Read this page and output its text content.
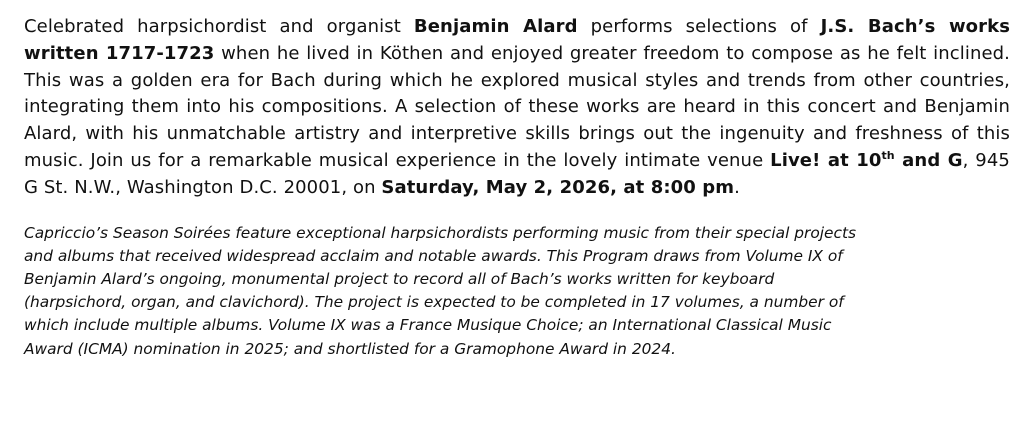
Celebrated harpsichordist and organist Benjamin Alard performs selections of J.S. Bach’s works written 1717-1723 when he lived in Köthen and enjoyed greater freedom to compose as he felt inclined. This was a golden era for Bach during which he explored musical styles and trends from other countries, integrating them into his compositions. A selection of these works are heard in this concert and Benjamin Alard, with his unmatchable artistry and interpretive skills brings out the ingenuity and freshness of this music. Join us for a remarkable musical experience in the lovely intimate venue Live! at 10th and G, 945 G St. N.W., Washington D.C. 20001, on Saturday, May 2, 2026, at 8:00 pm.

Capriccio’s Season Soirées feature exceptional harpsichordists performing music from their special projects
and albums that received widespread acclaim and notable awards. This Program draws from Volume IX of
Benjamin Alard’s ongoing, monumental project to record all of Bach’s works written for keyboard
(harpsichord, organ, and clavichord). The project is expected to be completed in 17 volumes, a number of
which include multiple albums. Volume IX was a France Musique Choice; an International Classical Music
Award (ICMA) nomination in 2025; and shortlisted for a Gramophone Award in 2024.
